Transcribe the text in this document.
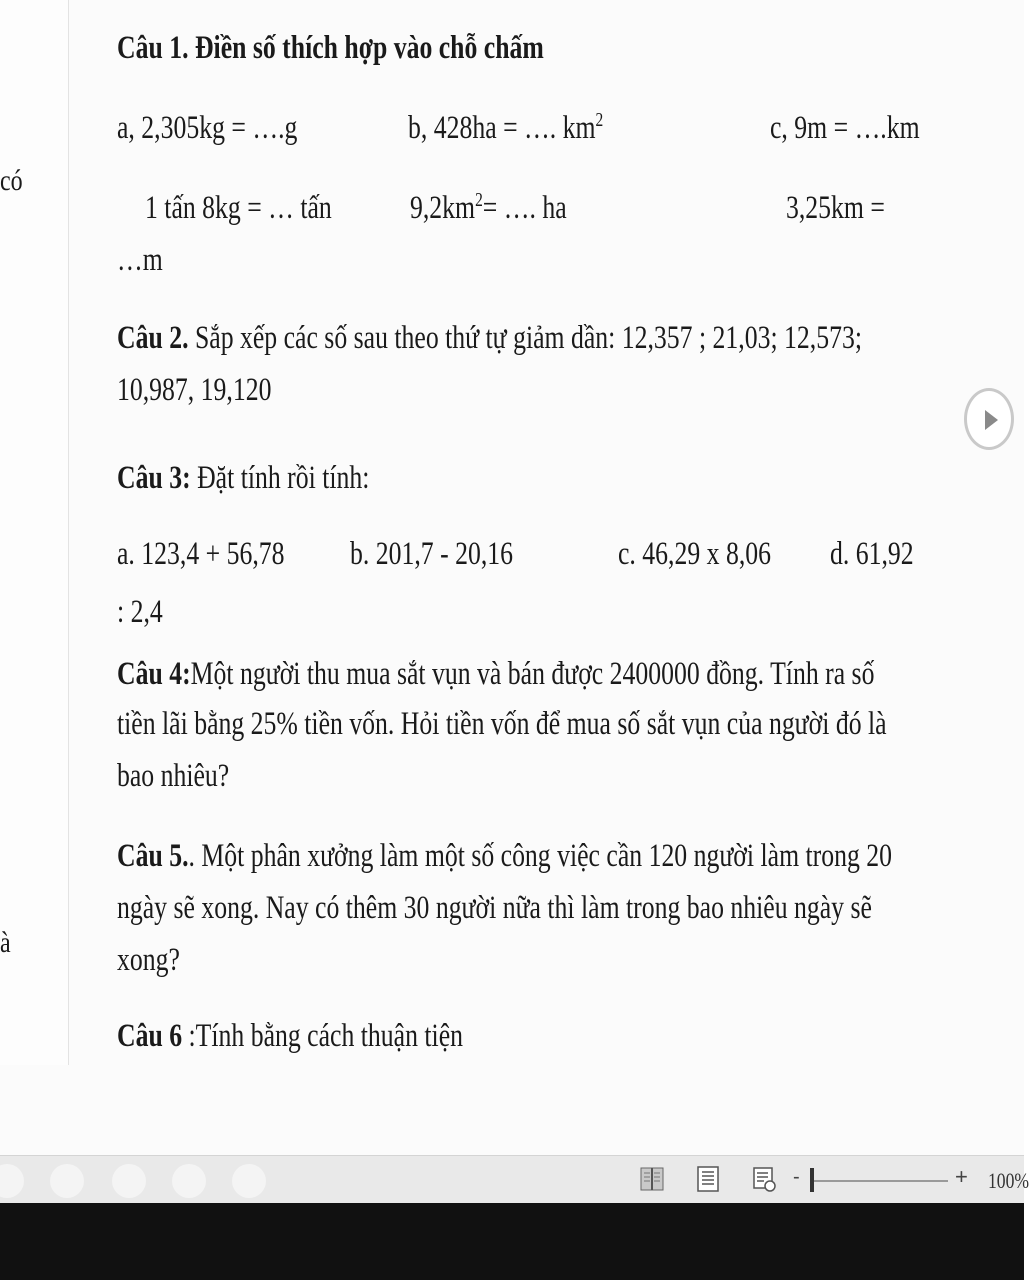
có
à
Câu 1. Điền số thích hợp vào chỗ chấm
a, 2,305kg = ….g	b, 428ha = …. $km^2$	c, 9m = ….km
1 tấn 8kg = … tấn $9,2km^2=$ …. ha	3,25km =
…m
Câu 2. Sắp xếp các số sau theo thứ tự giảm dần: 12,357 ; 21,03; 12,573;
10,987, 19,120
Câu 3: Đặt tính rồi tính:
a. 123,4 + 56,78 b. 201,7 - 20,16	c. 46,29 x 8,06 d. 61,92
: 2,4
Câu 4:Một người thu mua sắt vụn và bán được 2400000 đồng. Tính ra số
tiền lãi bằng 25% tiền vốn. Hỏi tiền vốn để mua số sắt vụn của người đó là
bao nhiêu?
Câu 5.. Một phân xưởng làm một số công việc cần 120 người làm trong 20
ngày sẽ xong. Nay có thêm 30 người nữa thì làm trong bao nhiêu ngày sẽ
xong?
Câu 6 :Tính bằng cách thuận tiện
-	+ 100%
